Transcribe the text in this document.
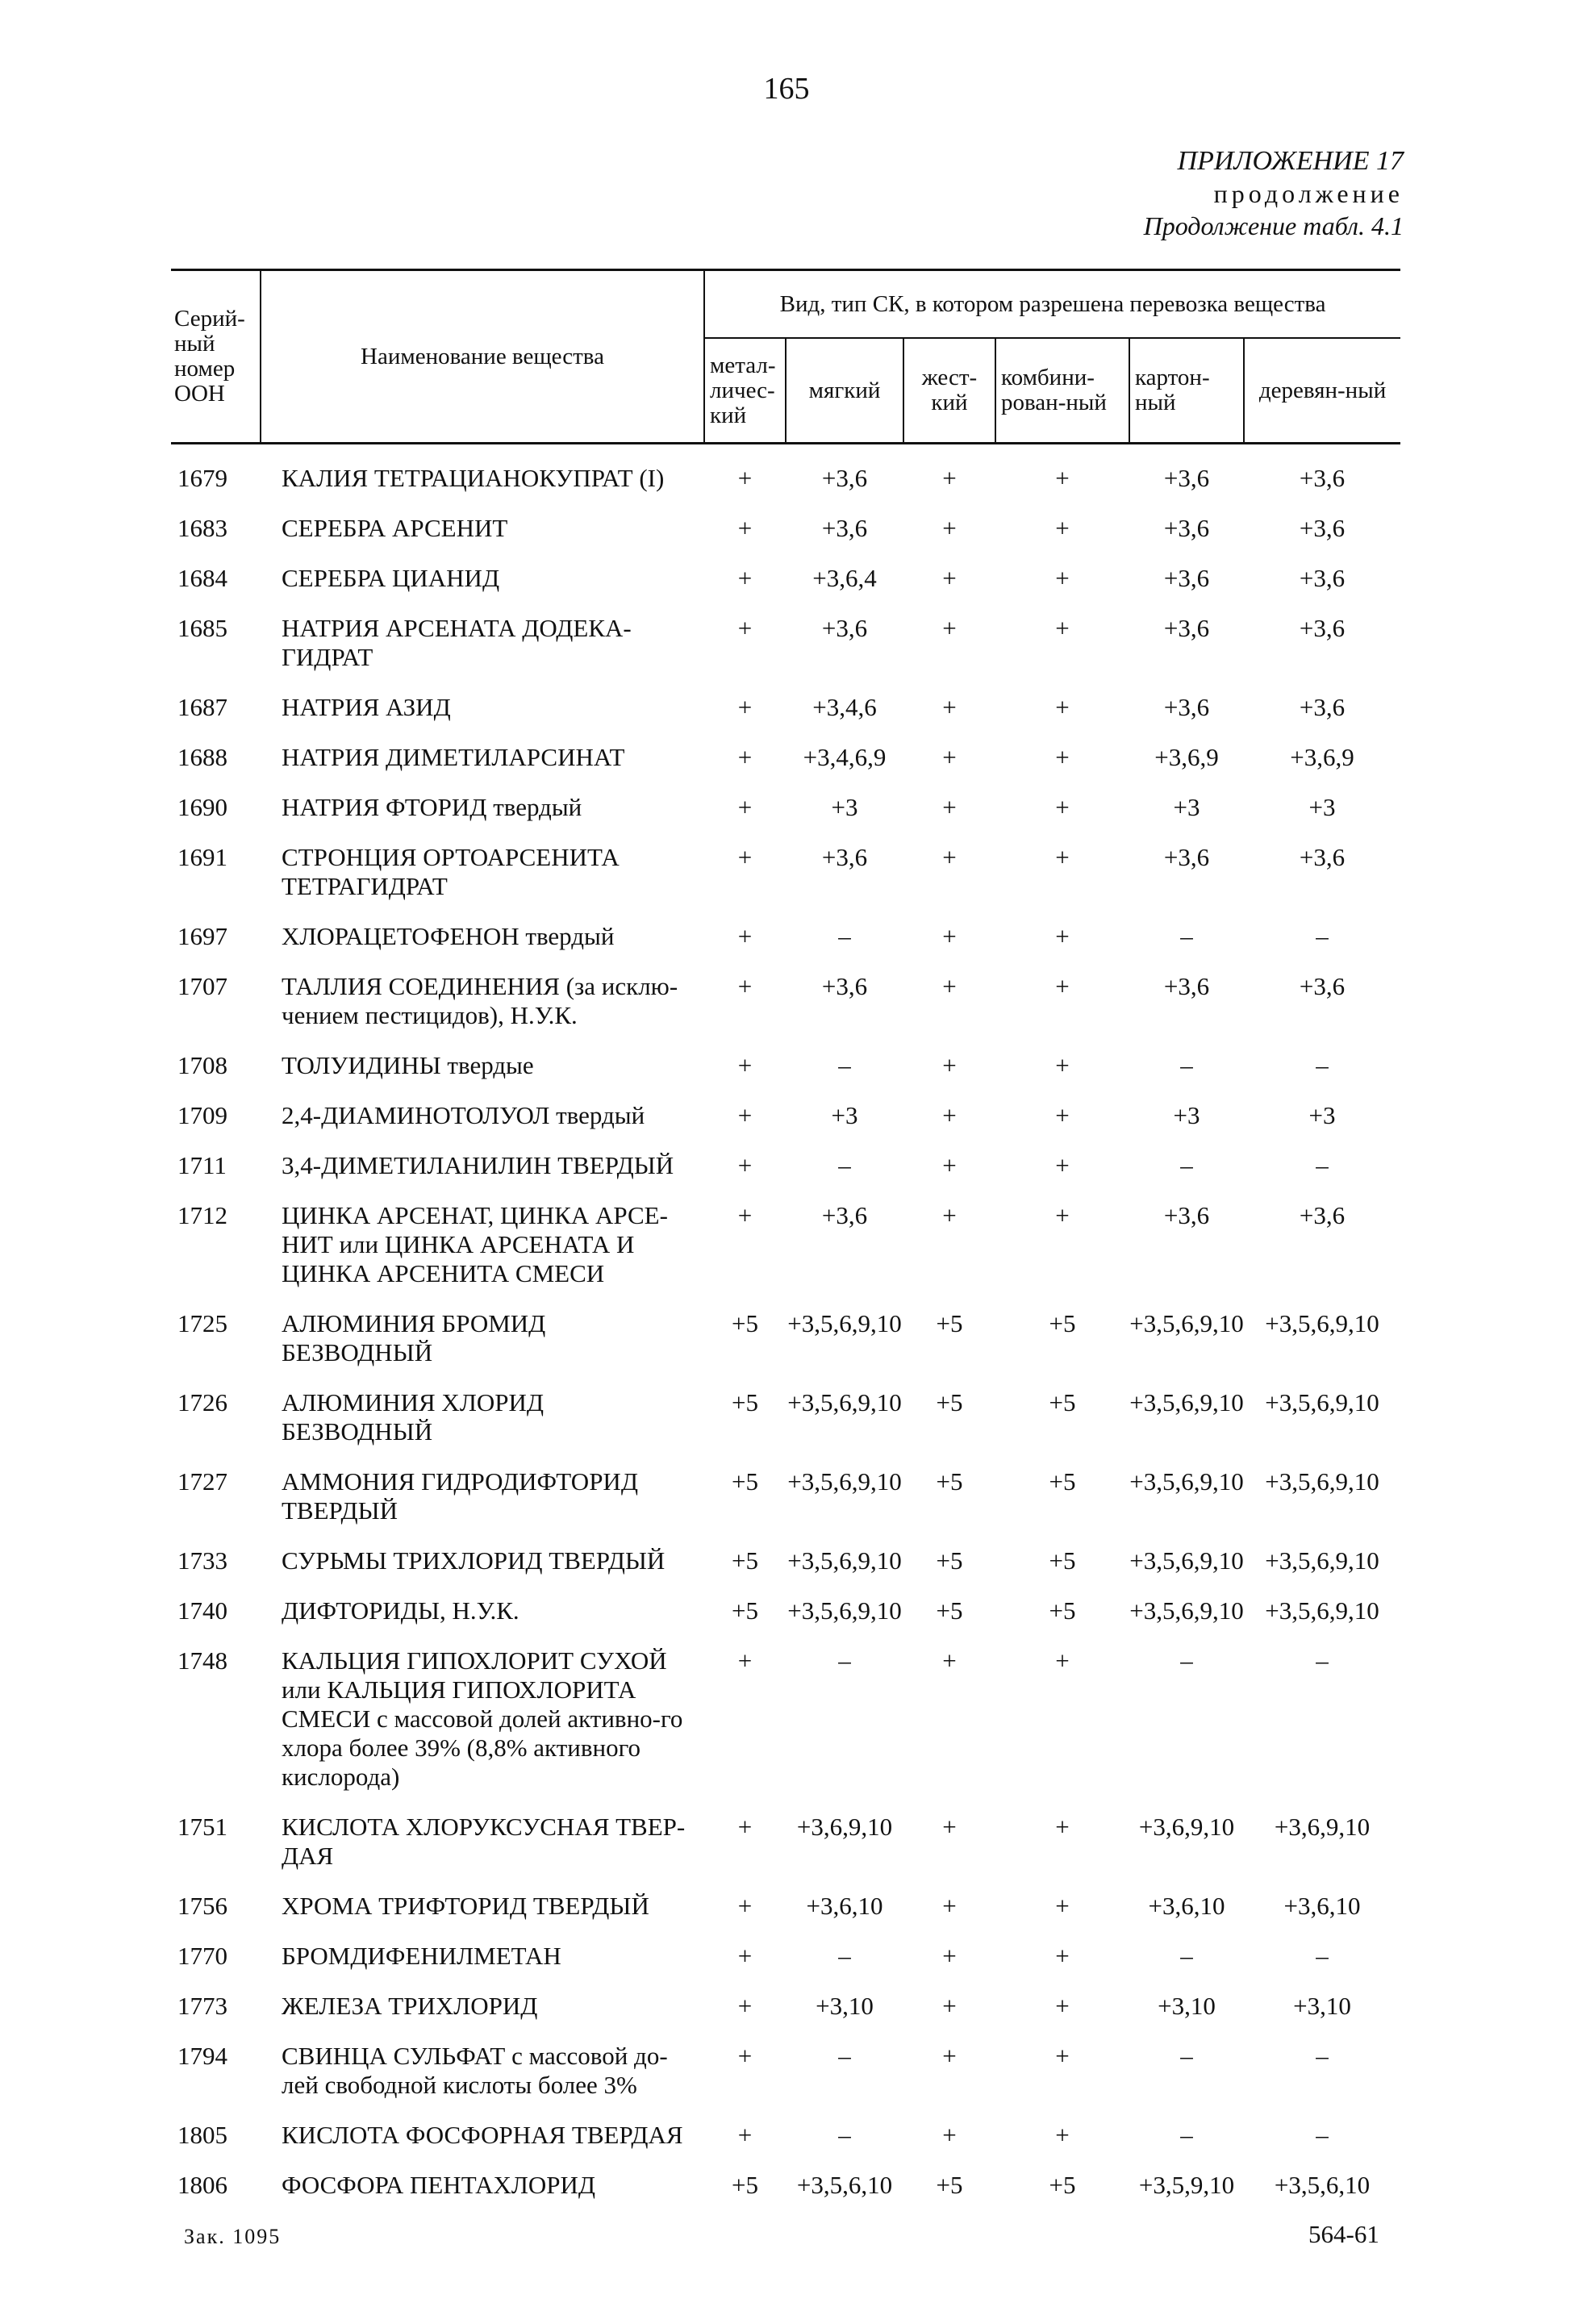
165
ПРИЛОЖЕНИЕ 17
продолжение
Продолжение табл. 4.1
Серий-ный номер ООН	Наименование вещества	Вид, тип СК, в котором разрешена перевозка вещества					
		метал-личес-кий	мягкий	жест-кий	комбини-рован-ный	картон-ный	деревян-ный
1679	КАЛИЯ ТЕТРАЦИАНОКУПРАТ (I)	+	+3,6	+	+	+3,6	+3,6
1683	СЕРЕБРА АРСЕНИТ	+	+3,6	+	+	+3,6	+3,6
1684	СЕРЕБРА ЦИАНИД	+	+3,6,4	+	+	+3,6	+3,6
1685	НАТРИЯ АРСЕНАТА ДОДЕКА-ГИДРАТ	+	+3,6	+	+	+3,6	+3,6
1687	НАТРИЯ АЗИД	+	+3,4,6	+	+	+3,6	+3,6
1688	НАТРИЯ ДИМЕТИЛАРСИНАТ	+	+3,4,6,9	+	+	+3,6,9	+3,6,9
1690	НАТРИЯ ФТОРИД твердый	+	+3	+	+	+3	+3
1691	СТРОНЦИЯ ОРТОАРСЕНИТА ТЕТРАГИДРАТ	+	+3,6	+	+	+3,6	+3,6
1697	ХЛОРАЦЕТОФЕНОН твердый	+	–	+	+	–	–
1707	ТАЛЛИЯ СОЕДИНЕНИЯ (за исклю-чением пестицидов), Н.У.К.	+	+3,6	+	+	+3,6	+3,6
1708	ТОЛУИДИНЫ твердые	+	–	+	+	–	–
1709	2,4-ДИАМИНОТОЛУОЛ твердый	+	+3	+	+	+3	+3
1711	3,4-ДИМЕТИЛАНИЛИН ТВЕРДЫЙ	+	–	+	+	–	–
1712	ЦИНКА АРСЕНАТ, ЦИНКА АРСЕ-НИТ или ЦИНКА АРСЕНАТА И ЦИНКА АРСЕНИТА СМЕСИ	+	+3,6	+	+	+3,6	+3,6
1725	АЛЮМИНИЯ БРОМИД БЕЗВОДНЫЙ	+5	+3,5,6,9,10	+5	+5	+3,5,6,9,10	+3,5,6,9,10
1726	АЛЮМИНИЯ ХЛОРИД БЕЗВОДНЫЙ	+5	+3,5,6,9,10	+5	+5	+3,5,6,9,10	+3,5,6,9,10
1727	АММОНИЯ ГИДРОДИФТОРИД ТВЕРДЫЙ	+5	+3,5,6,9,10	+5	+5	+3,5,6,9,10	+3,5,6,9,10
1733	СУРЬМЫ ТРИХЛОРИД ТВЕРДЫЙ	+5	+3,5,6,9,10	+5	+5	+3,5,6,9,10	+3,5,6,9,10
1740	ДИФТОРИДЫ, Н.У.К.	+5	+3,5,6,9,10	+5	+5	+3,5,6,9,10	+3,5,6,9,10
1748	КАЛЬЦИЯ ГИПОХЛОРИТ СУХОЙ или КАЛЬЦИЯ ГИПОХЛОРИТА СМЕСИ с массовой долей активно-го хлора более 39% (8,8% активного кислорода)	+	–	+	+	–	–
1751	КИСЛОТА ХЛОРУКСУСНАЯ ТВЕР-ДАЯ	+	+3,6,9,10	+	+	+3,6,9,10	+3,6,9,10
1756	ХРОМА ТРИФТОРИД ТВЕРДЫЙ	+	+3,6,10	+	+	+3,6,10	+3,6,10
1770	БРОМДИФЕНИЛМЕТАН	+	–	+	+	–	–
1773	ЖЕЛЕЗА ТРИХЛОРИД	+	+3,10	+	+	+3,10	+3,10
1794	СВИНЦА СУЛЬФАТ с массовой до-лей свободной кислоты более 3%	+	–	+	+	–	–
1805	КИСЛОТА ФОСФОРНАЯ ТВЕРДАЯ	+	–	+	+	–	–
1806	ФОСФОРА ПЕНТАХЛОРИД	+5	+3,5,6,10	+5	+5	+3,5,9,10	+3,5,6,10
Зак. 1095	564-61
